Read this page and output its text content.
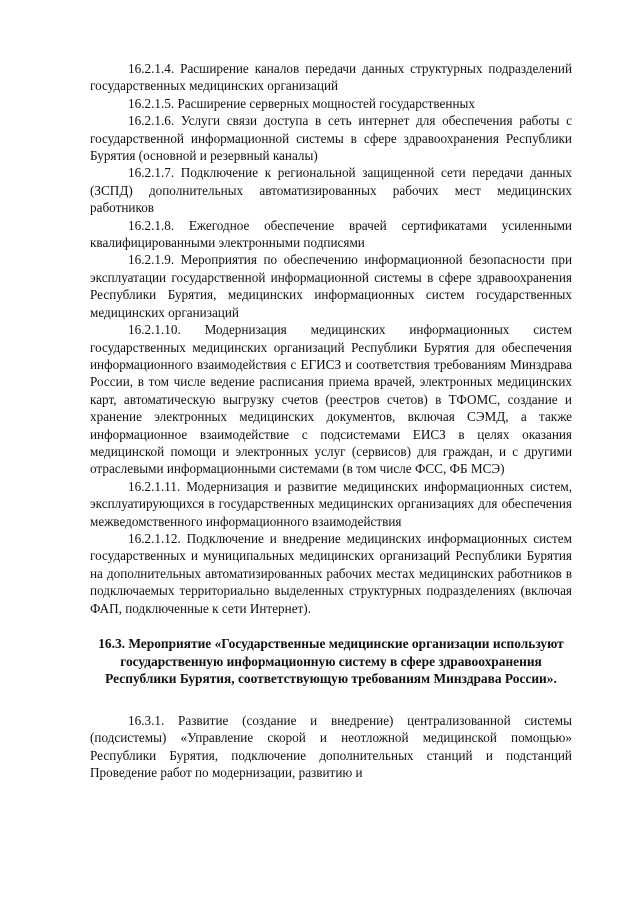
16.2.1.4. Расширение каналов передачи данных структурных подразделений государственных медицинских организаций

16.2.1.5. Расширение серверных мощностей государственных

16.2.1.6. Услуги связи доступа в сеть интернет для обеспечения работы с государственной информационной системы в сфере здравоохранения Республики Бурятия (основной и резервный каналы)

16.2.1.7. Подключение к региональной защищенной сети передачи данных (ЗСПД) дополнительных автоматизированных рабочих мест медицинских работников

16.2.1.8. Ежегодное обеспечение врачей сертификатами усиленными квалифицированными электронными подписями

16.2.1.9. Мероприятия по обеспечению информационной безопасности при эксплуатации государственной информационной системы в сфере здравоохранения Республики Бурятия, медицинских информационных систем государственных медицинских организаций

16.2.1.10. Модернизация медицинских информационных систем государственных медицинских организаций Республики Бурятия для обеспечения информационного взаимодействия с ЕГИСЗ и соответствия требованиям Минздрава России, в том числе ведение расписания приема врачей, электронных медицинских карт, автоматическую выгрузку счетов (реестров счетов) в ТФОМС, создание и хранение электронных медицинских документов, включая СЭМД, а также информационное взаимодействие с подсистемами ЕИСЗ в целях оказания медицинской помощи и электронных услуг (сервисов) для граждан, и с другими отраслевыми информационными системами (в том числе ФСС, ФБ МСЭ)

16.2.1.11. Модернизация и развитие медицинских информационных систем, эксплуатирующихся в государственных медицинских организациях для обеспечения межведомственного информационного взаимодействия

16.2.1.12. Подключение и внедрение медицинских информационных систем государственных и муниципальных медицинских организаций Республики Бурятия на дополнительных автоматизированных рабочих местах медицинских работников в подключаемых территориально выделенных структурных подразделениях (включая ФАП, подключенные к сети Интернет).

16.3. Мероприятие «Государственные медицинские организации используют государственную информационную систему в сфере здравоохранения Республики Бурятия, соответствующую требованиям Минздрава России».

16.3.1. Развитие (создание и внедрение) централизованной системы (подсистемы) «Управление скорой и неотложной медицинской помощью» Республики Бурятия, подключение дополнительных станций и подстанций Проведение работ по модернизации, развитию и
